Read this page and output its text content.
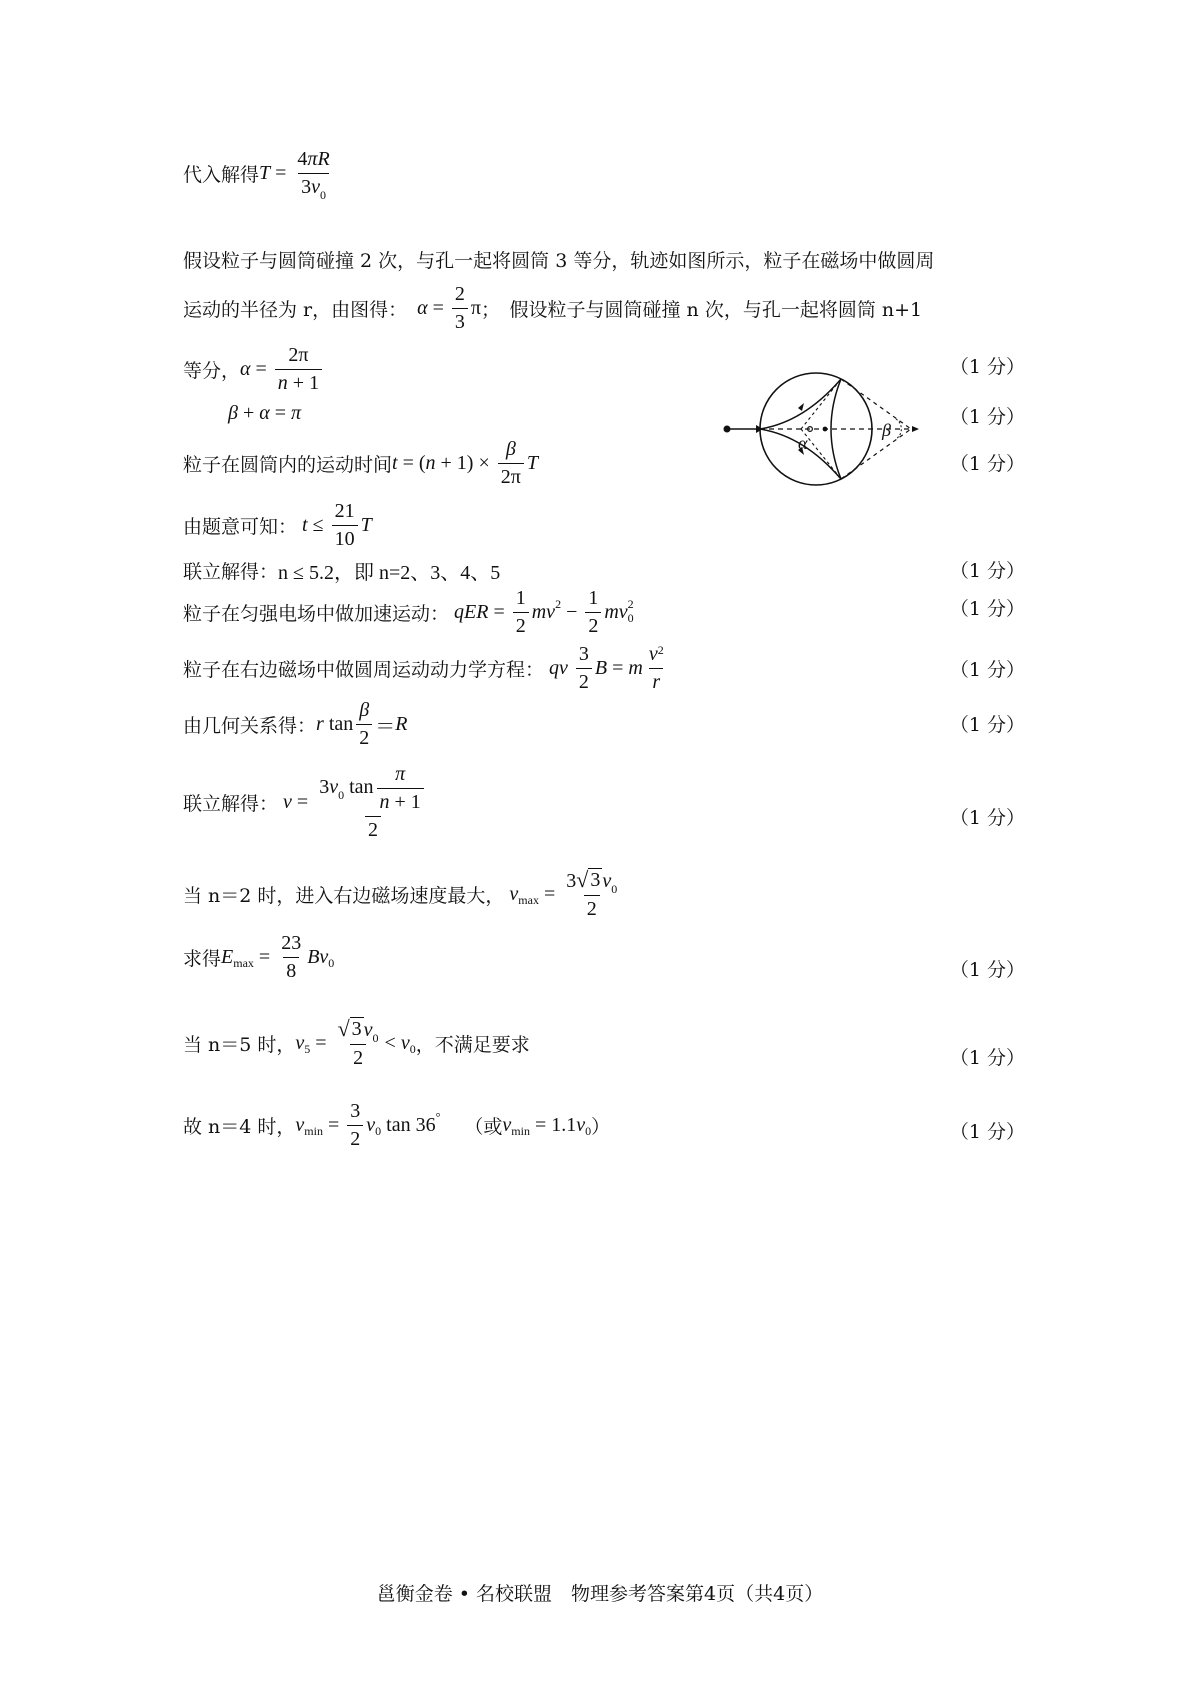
代入解得 $T = \frac{4\pi R}{3v_0}$
假设粒子与圆筒碰撞 2 次，与孔一起将圆筒 3 等分，轨迹如图所示，粒子在磁场中做圆周
运动的半径为 r，由图得：
$\alpha = \frac{2}{3}$ π ；　假设粒子与圆筒碰撞 n 次，与孔一起将圆筒 n+1
等分， $\alpha = \frac{2\pi}{n + 1}$	（1 分）
β + α = π	（1 分）
粒子在圆筒内的运动时间 t = ( $n + 1) \times \frac{\beta}{2\pi}$ T	（1 分）
α
β
由题意可知：
$t \le \frac{21}{10}$ T
联立解得： n ≤ 5.2，即 n=2、3、4、5	（1 分）
粒子在匀强电场中做加速运动：
qER = $\frac{1}{2}$ mv $2 - \frac{1}{2}$ mv 0
2	（1 分）
粒子在右边磁场中做圆周运动动力学方程：
qv
$\frac{3}{2}$ B = m $\frac{v^2}{r}$	（1 分）
由几何关系得： r $\tan \frac{\beta}{2} = R$	（1 分）
联立解得：
$v = \frac{3v_0 \tan \frac{\pi}{n + 1}}{2}$	（1 分）
当 n＝2 时，进入右边磁场速度最大，
v $\max = \frac{3 √ 3 v_0}{2}$
求得 E $\max = \frac{23}{8}$ Bv 0	（1 分）
当 n＝5 时， v $5 = \frac{√ 3 v_0}{2} < v$ 0 ，不满足要求
（1 分）
故 n＝4 时， v $\min = \frac{3}{2}$ v 0 tan 36 ° （或 v min = 1.1 v 0 ）	（1 分）
邕衡金卷 • 名校联盟　物理参考答案第4页（共4页）
